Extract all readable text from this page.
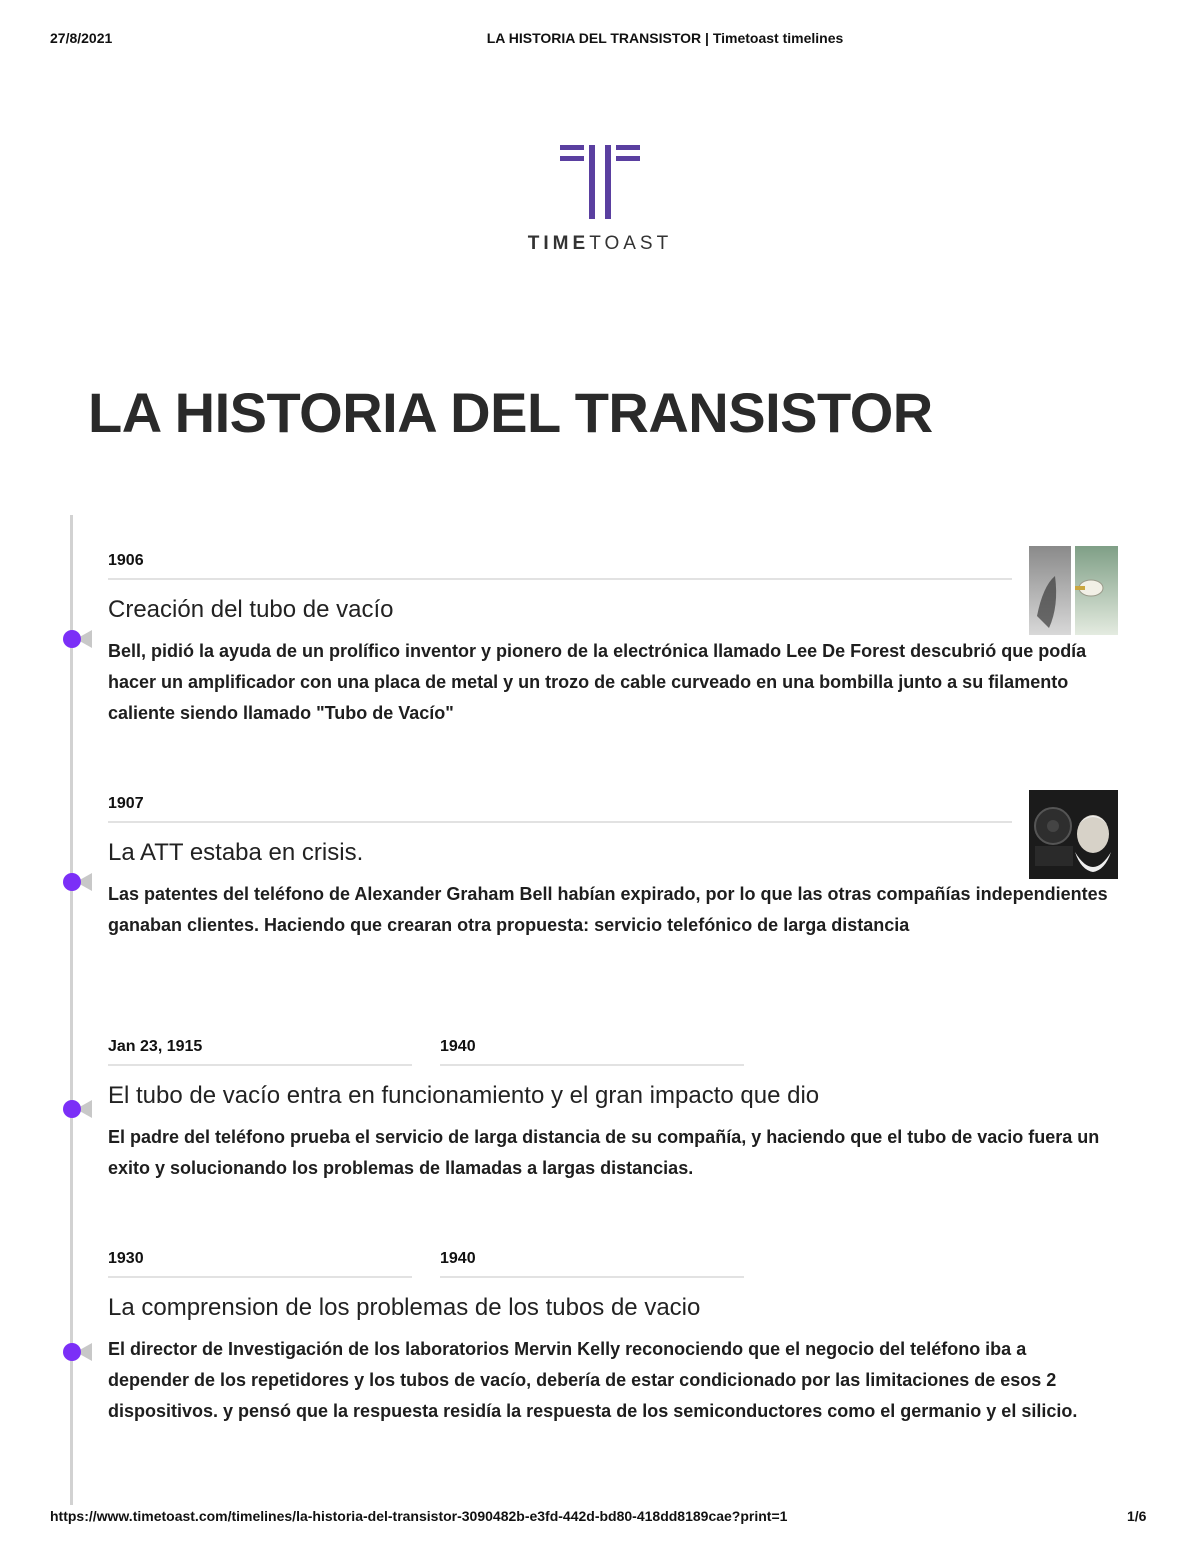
27/8/2021	LA HISTORIA DEL TRANSISTOR | Timetoast timelines
TIMETOAST
LA HISTORIA DEL TRANSISTOR
1906
Creación del tubo de vacío

Bell, pidió la ayuda de un prolífico inventor y pionero de la electrónica llamado Lee De Forest descubrió que podía hacer un amplificador con una placa de metal y un trozo de cable curveado en una bombilla junto a su filamento caliente siendo llamado "Tubo de Vacío"

1907
La ATT estaba en crisis.

Las patentes del teléfono de Alexander Graham Bell habían expirado, por lo que las otras compañías independientes ganaban clientes. Haciendo que crearan otra propuesta: servicio telefónico de larga distancia

Jan 23, 1915	1940
El tubo de vacío entra en funcionamiento y el gran impacto que dio

El padre del teléfono prueba el servicio de larga distancia de su compañía, y haciendo que el tubo de vacio fuera un exito y solucionando los problemas de llamadas a largas distancias.

1930	1940
La comprension de los problemas de los tubos de vacio

El director de Investigación de los laboratorios Mervin Kelly reconociendo que el negocio del teléfono iba a depender de los repetidores y los tubos de vacío, debería de estar condicionado por las limitaciones de esos 2 dispositivos. y pensó que la respuesta residía la respuesta de los semiconductores como el germanio y el silicio.

https://www.timetoast.com/timelines/la-historia-del-transistor-3090482b-e3fd-442d-bd80-418dd8189cae?print=1	1/6
